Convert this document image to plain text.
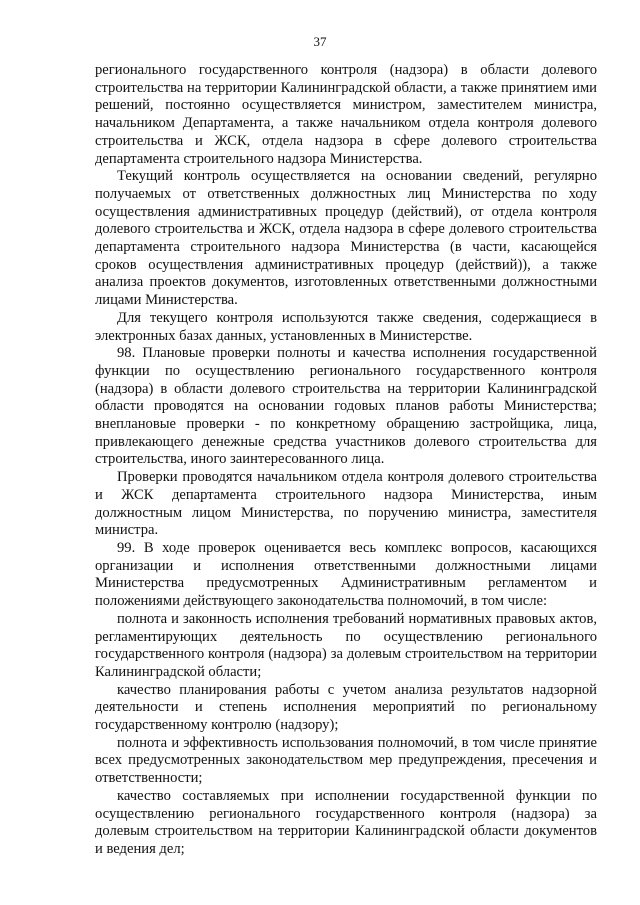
37

регионального государственного контроля (надзора) в области долевого строительства на территории Калининградской области, а также принятием ими решений, постоянно осуществляется министром, заместителем министра, начальником Департамента, а также начальником отдела контроля долевого строительства и ЖСК, отдела надзора в сфере долевого строительства департамента строительного надзора Министерства.

Текущий контроль осуществляется на основании сведений, регулярно получаемых от ответственных должностных лиц Министерства по ходу осуществления административных процедур (действий), от отдела контроля долевого строительства и ЖСК, отдела надзора в сфере долевого строительства департамента строительного надзора Министерства (в части, касающейся сроков осуществления административных процедур (действий)), а также анализа проектов документов, изготовленных ответственными должностными лицами Министерства.

Для текущего контроля используются также сведения, содержащиеся в электронных базах данных, установленных в Министерстве.

98. Плановые проверки полноты и качества исполнения государственной функции по осуществлению регионального государственного контроля (надзора) в области долевого строительства на территории Калининградской области проводятся на основании годовых планов работы Министерства; внеплановые проверки - по конкретному обращению застройщика, лица, привлекающего денежные средства участников долевого строительства для строительства, иного заинтересованного лица.

Проверки проводятся начальником отдела контроля долевого строительства и ЖСК департамента строительного надзора Министерства, иным должностным лицом Министерства, по поручению министра, заместителя министра.

99. В ходе проверок оценивается весь комплекс вопросов, касающихся организации и исполнения ответственными должностными лицами Министерства предусмотренных Административным регламентом и положениями действующего законодательства полномочий, в том числе:

полнота и законность исполнения требований нормативных правовых актов, регламентирующих деятельность по осуществлению регионального государственного контроля (надзора) за долевым строительством на территории Калининградской области;

качество планирования работы с учетом анализа результатов надзорной деятельности и степень исполнения мероприятий по региональному государственному контролю (надзору);

полнота и эффективность использования полномочий, в том числе принятие всех предусмотренных законодательством мер предупреждения, пресечения и ответственности;

качество составляемых при исполнении государственной функции по осуществлению регионального государственного контроля (надзора) за долевым строительством на территории Калининградской области документов и ведения дел;
